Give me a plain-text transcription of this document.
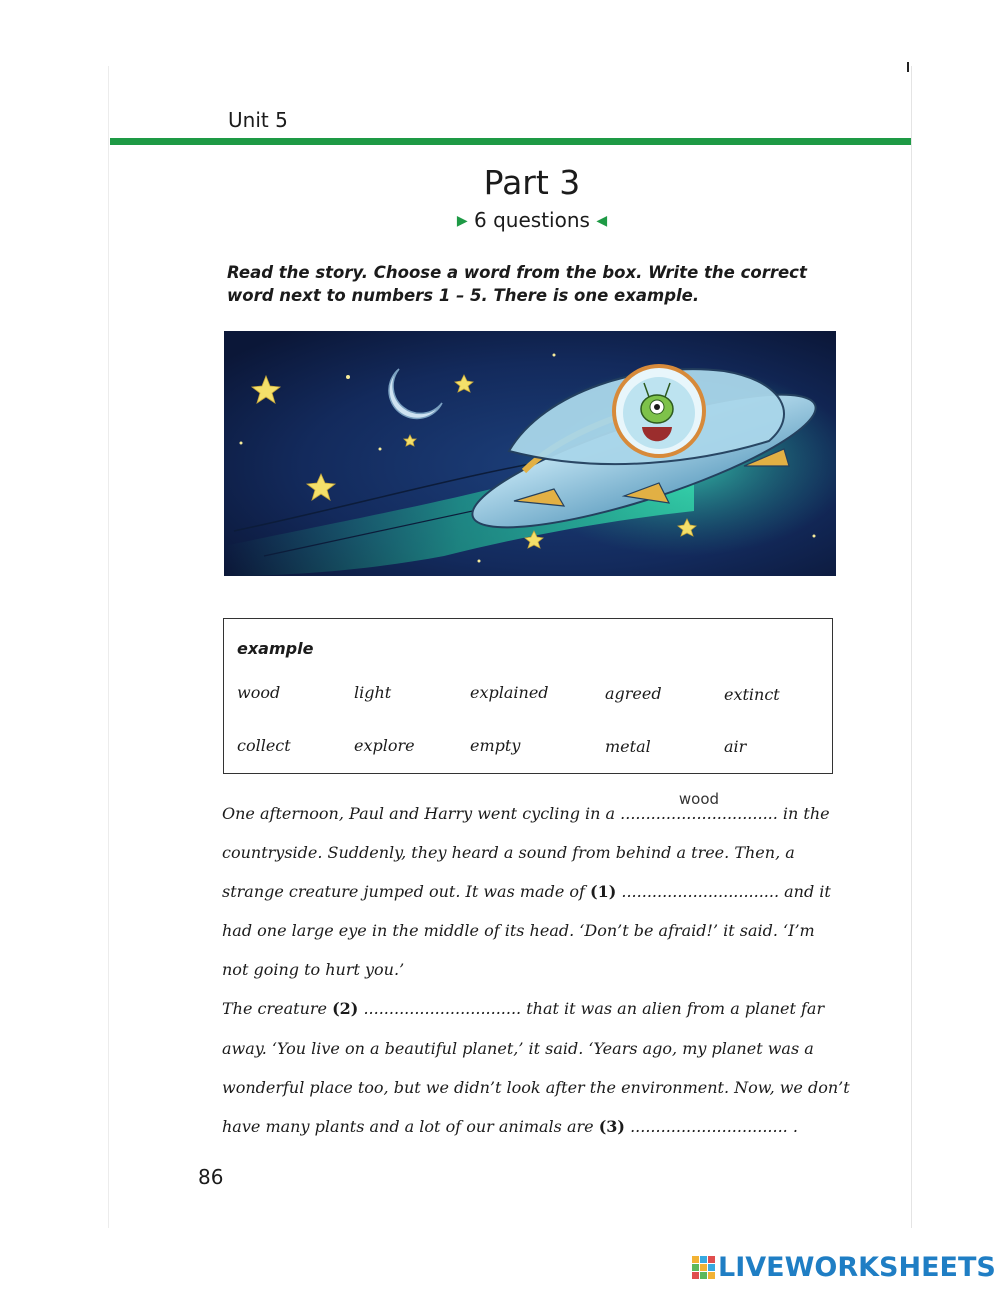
Unit 5
Part 3
▶ 6 questions ◀
Read the story. Choose a word from the box. Write the correct word next to numbers 1 – 5. There is one example.
example
wood	light	explained	agreed	extinct
collect	explore	empty	metal	air
One afternoon, Paul and Harry went cycling in a
wood
............................... in the
countryside. Suddenly, they heard a sound from behind a tree. Then, a
strange creature jumped out. It was made of (1) ............................... and it
had one large eye in the middle of its head. ‘Don’t be afraid!’ it said. ‘I’m
not going to hurt you.’
The creature (2) ............................... that it was an alien from a planet far
away. ‘You live on a beautiful planet,’ it said. ‘Years ago, my planet was a
wonderful place too, but we didn’t look after the environment. Now, we don’t
have many plants and a lot of our animals are (3) ............................... .
86
LIVEWORKSHEETS
